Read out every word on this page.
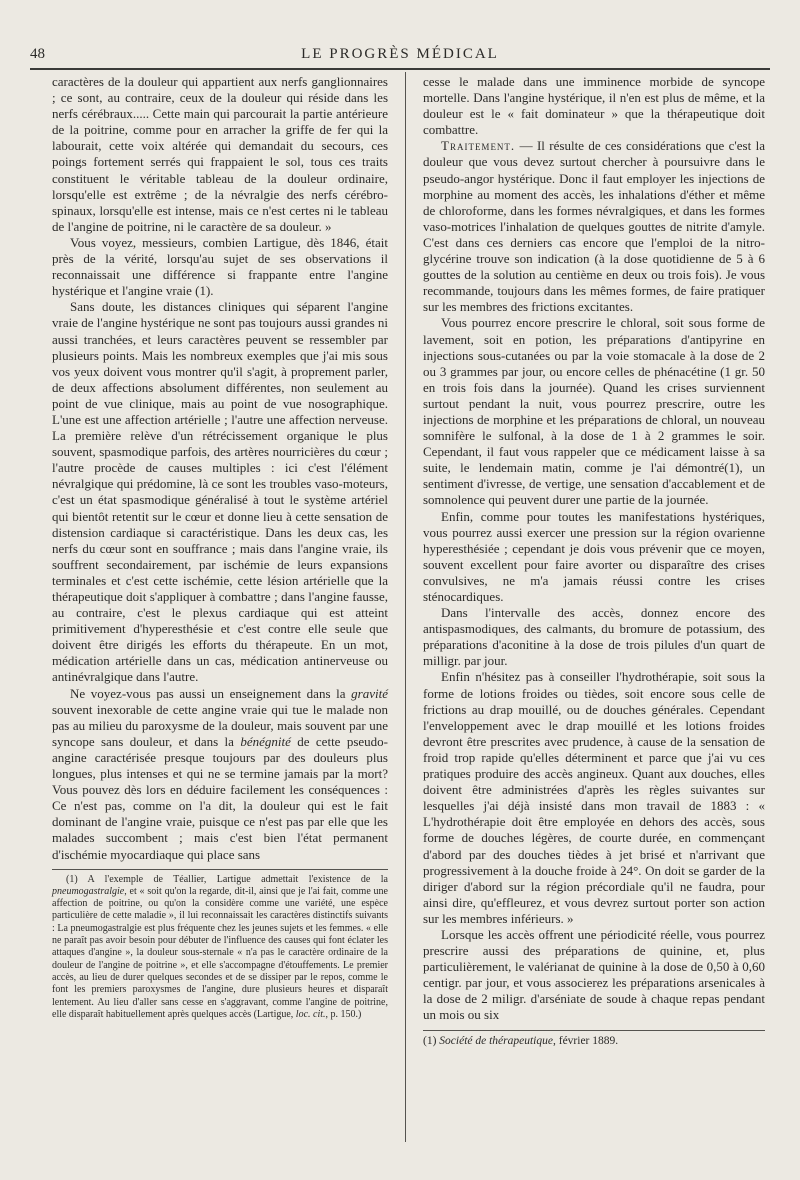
48	LE PROGRÈS MÉDICAL

caractères de la douleur qui appartient aux nerfs ganglionnaires ; ce sont, au contraire, ceux de la douleur qui réside dans les nerfs cérébraux..... Cette main qui parcourait la partie antérieure de la poitrine, comme pour en arracher la griffe de fer qui la labourait, cette voix altérée qui demandait du secours, ces poings fortement serrés qui frappaient le sol, tous ces traits constituent le véritable tableau de la douleur ordinaire, lorsqu'elle est extrême ; de la névralgie des nerfs cérébro-spinaux, lorsqu'elle est intense, mais ce n'est certes ni le tableau de l'angine de poitrine, ni le caractère de sa douleur. »

Vous voyez, messieurs, combien Lartigue, dès 1846, était près de la vérité, lorsqu'au sujet de ses observations il reconnaissait une différence si frappante entre l'angine hystérique et l'angine vraie (1).

Sans doute, les distances cliniques qui séparent l'angine vraie de l'angine hystérique ne sont pas toujours aussi grandes ni aussi tranchées, et leurs caractères peuvent se ressembler par plusieurs points. Mais les nombreux exemples que j'ai mis sous vos yeux doivent vous montrer qu'il s'agit, à proprement parler, de deux affections absolument différentes, non seulement au point de vue clinique, mais au point de vue nosographique. L'une est une affection artérielle ; l'autre une affection nerveuse. La première relève d'un rétrécissement organique le plus souvent, spasmodique parfois, des artères nourricières du cœur ; l'autre procède de causes multiples : ici c'est l'élément névralgique qui prédomine, là ce sont les troubles vaso-moteurs, c'est un état spasmodique généralisé à tout le système artériel qui bientôt retentit sur le cœur et donne lieu à cette sensation de distension cardiaque si caractéristique. Dans les deux cas, les nerfs du cœur sont en souffrance ; mais dans l'angine vraie, ils souffrent secondairement, par ischémie de leurs expansions terminales et c'est cette ischémie, cette lésion artérielle que la thérapeutique doit s'appliquer à combattre ; dans l'angine fausse, au contraire, c'est le plexus cardiaque qui est atteint primitivement d'hyperesthésie et c'est contre elle seule que doivent être dirigés les efforts du thérapeute. En un mot, médication artérielle dans un cas, médication antinerveuse ou antinévralgique dans l'autre.

Ne voyez-vous pas aussi un enseignement dans la gravité souvent inexorable de cette angine vraie qui tue le malade non pas au milieu du paroxysme de la douleur, mais souvent par une syncope sans douleur, et dans la bénégnité de cette pseudo-angine caractérisée presque toujours par des douleurs plus longues, plus intenses et qui ne se termine jamais par la mort? Vous pouvez dès lors en déduire facilement les conséquences : Ce n'est pas, comme on l'a dit, la douleur qui est le fait dominant de l'angine vraie, puisque ce n'est pas par elle que les malades succombent ; mais c'est bien l'état permanent d'ischémie myocardiaque qui place sans

(1) A l'exemple de Téallier, Lartigue admettait l'existence de la pneumogastralgie, et « soit qu'on la regarde, dit-il, ainsi que je l'ai fait, comme une affection de poitrine, ou qu'on la considère comme une variété, une espèce particulière de cette maladie », il lui reconnaissait les caractères distinctifs suivants : La pneumogastralgie est plus fréquente chez les jeunes sujets et les femmes. « elle ne paraît pas avoir besoin pour débuter de l'influence des causes qui font éclater les attaques d'angine », la douleur sous-sternale « n'a pas le caractère ordinaire de la douleur de l'angine de poitrine », et elle s'accompagne d'étouffements. Le premier accès, au lieu de durer quelques secondes et de se dissiper par le repos, comme le font les premiers paroxysmes de l'angine, dure plusieurs heures et disparaît lentement. Au lieu d'aller sans cesse en s'aggravant, comme l'angine de poitrine, elle disparaît habituellement après quelques accès (Lartigue, loc. cit., p. 150.)

cesse le malade dans une imminence morbide de syncope mortelle. Dans l'angine hystérique, il n'en est plus de même, et la douleur est le « fait dominateur » que la thérapeutique doit combattre.

Traitement. — Il résulte de ces considérations que c'est la douleur que vous devez surtout chercher à poursuivre dans le pseudo-angor hystérique. Donc il faut employer les injections de morphine au moment des accès, les inhalations d'éther et même de chloroforme, dans les formes névralgiques, et dans les formes vaso-motrices l'inhalation de quelques gouttes de nitrite d'amyle. C'est dans ces derniers cas encore que l'emploi de la nitro-glycérine trouve son indication (à la dose quotidienne de 5 à 6 gouttes de la solution au centième en deux ou trois fois). Je vous recommande, toujours dans les mêmes formes, de faire pratiquer sur les membres des frictions excitantes.

Vous pourrez encore prescrire le chloral, soit sous forme de lavement, soit en potion, les préparations d'antipyrine en injections sous-cutanées ou par la voie stomacale à la dose de 2 ou 3 grammes par jour, ou encore celles de phénacétine (1 gr. 50 en trois fois dans la journée). Quand les crises surviennent surtout pendant la nuit, vous pourrez prescrire, outre les injections de morphine et les préparations de chloral, un nouveau somnifère le sulfonal, à la dose de 1 à 2 grammes le soir. Cependant, il faut vous rappeler que ce médicament laisse à sa suite, le lendemain matin, comme je l'ai démontré(1), un sentiment d'ivresse, de vertige, une sensation d'accablement et de somnolence qui peuvent durer une partie de la journée.

Enfin, comme pour toutes les manifestations hystériques, vous pourrez aussi exercer une pression sur la région ovarienne hyperesthésiée ; cependant je dois vous prévenir que ce moyen, souvent excellent pour faire avorter ou disparaître des crises convulsives, ne m'a jamais réussi contre les crises sténocardiques.

Dans l'intervalle des accès, donnez encore des antispasmodiques, des calmants, du bromure de potassium, des préparations d'aconitine à la dose de trois pilules d'un quart de milligr. par jour.

Enfin n'hésitez pas à conseiller l'hydrothérapie, soit sous la forme de lotions froides ou tièdes, soit encore sous celle de frictions au drap mouillé, ou de douches générales. Cependant l'enveloppement avec le drap mouillé et les lotions froides devront être prescrites avec prudence, à cause de la sensation de froid trop rapide qu'elles déterminent et parce que j'ai vu ces pratiques produire des accès angineux. Quant aux douches, elles doivent être administrées d'après les règles suivantes sur lesquelles j'ai déjà insisté dans mon travail de 1883 : « L'hydrothérapie doit être employée en dehors des accès, sous forme de douches légères, de courte durée, en commençant d'abord par des douches tièdes à jet brisé et n'arrivant que progressivement à la douche froide à 24°. On doit se garder de la diriger d'abord sur la région précordiale qu'il ne faudra, pour ainsi dire, qu'effleurez, et vous devrez surtout porter son action sur les membres inférieurs. »

Lorsque les accès offrent une périodicité réelle, vous pourrez prescrire aussi des préparations de quinine, et, plus particulièrement, le valérianat de quinine à la dose de 0,50 à 0,60 centigr. par jour, et vous associerez les préparations arsenicales à la dose de 2 miligr. d'arséniate de soude à chaque repas pendant un mois ou six

(1) Société de thérapeutique, février 1889.
